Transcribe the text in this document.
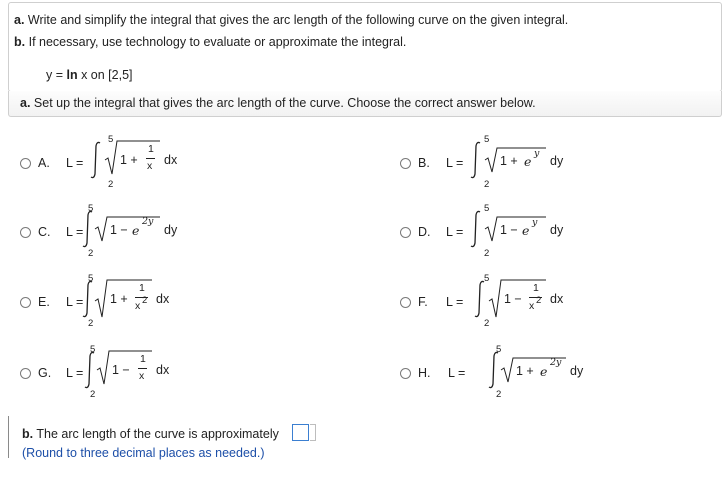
a. Write and simplify the integral that gives the arc length of the following curve on the given integral.
b. If necessary, use technology to evaluate or approximate the integral.
y = ln x on [2,5]
a. Set up the integral that gives the arc length of the curve. Choose the correct answer below.
A. L =
5
2
1 +
1
x dx	B. L =
5
2
1 + e
y
dy
C. L =
5
2
1 − e
2y
dy	D. L =
5
2
1 − e
y
dy
E. L =
5
2
1 +
1
x 2 dx	F. L =
5
2
1 −
1
x 2 dx
G. L =
5
2
1 −
1
x dx	H. L =
5
2
1 + e
2y
dy
b. The arc length of the curve is approximately
(Round to three decimal places as needed.)
